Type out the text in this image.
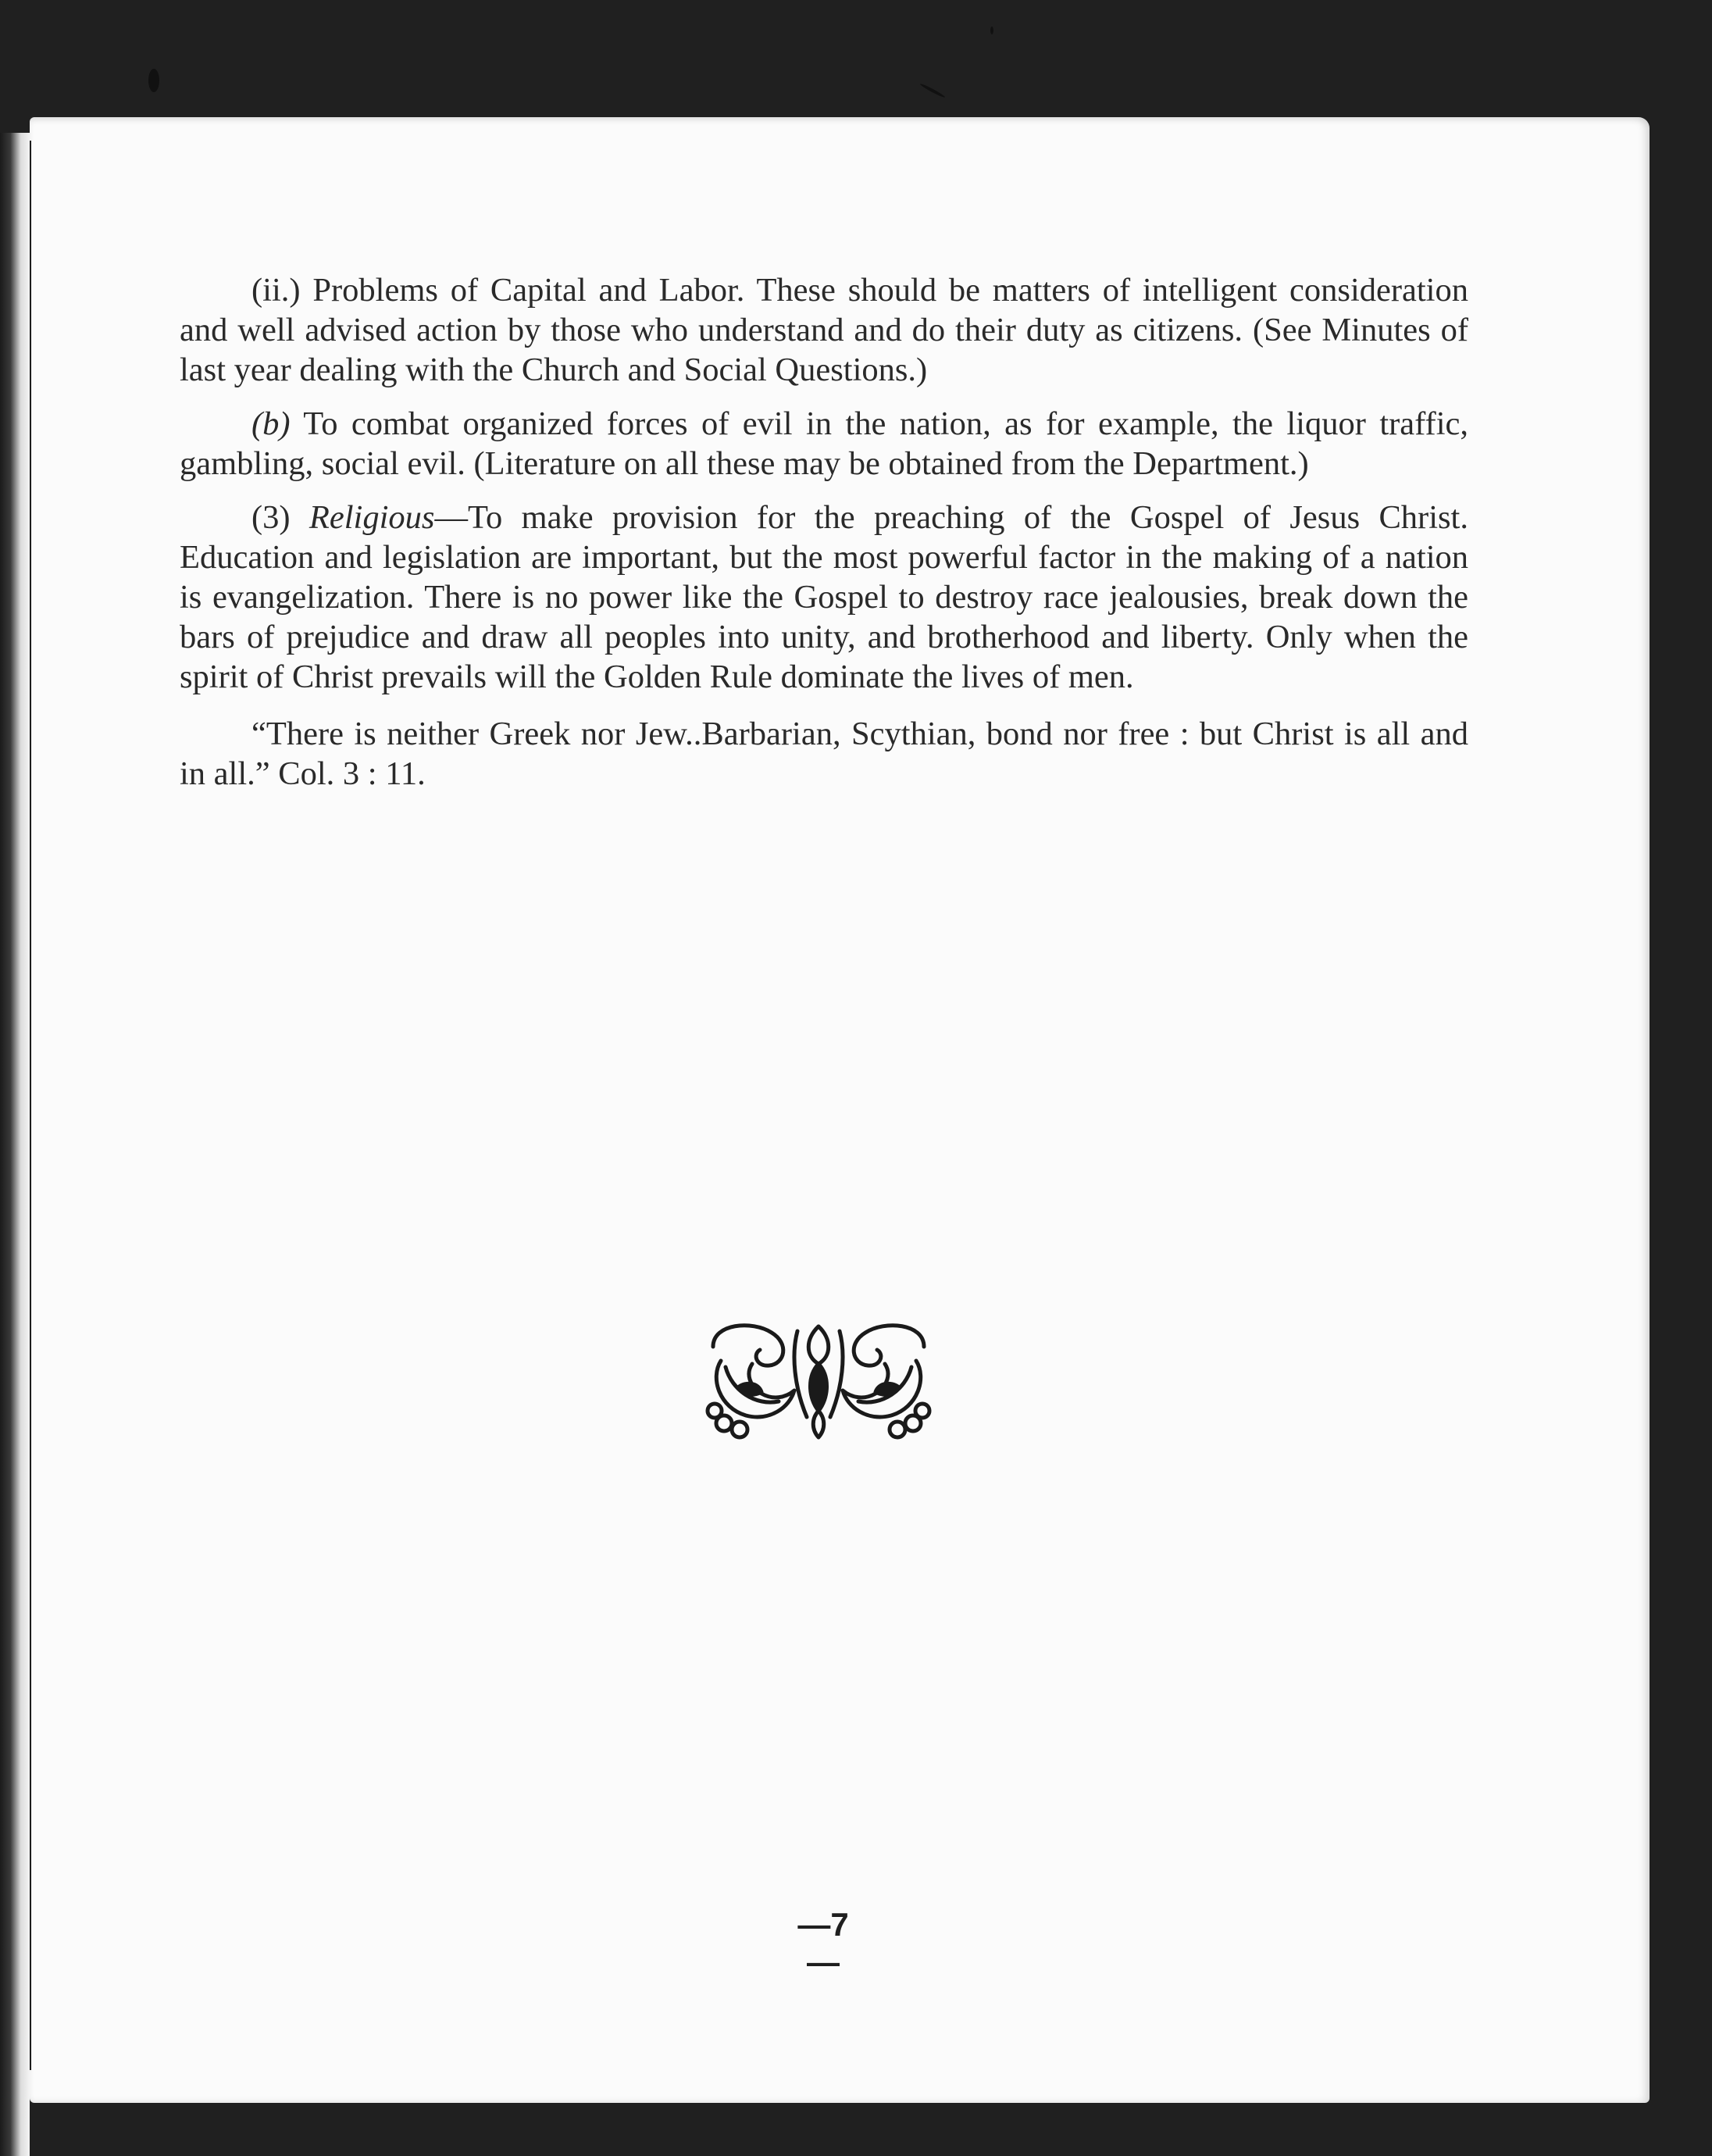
(ii.) Problems of Capital and Labor. These should be matters of intelligent consideration and well advised action by those who understand and do their duty as citizens. (See Minutes of last year dealing with the Church and Social Questions.)

(b) To combat organized forces of evil in the nation, as for example, the liquor traffic, gambling, social evil. (Literature on all these may be obtained from the Department.)

(3) Religious—To make provision for the preaching of the Gospel of Jesus Christ. Education and legislation are important, but the most powerful factor in the making of a nation is evangelization. There is no power like the Gospel to destroy race jealousies, break down the bars of prejudice and draw all peoples into unity, and brotherhood and liberty. Only when the spirit of Christ prevails will the Golden Rule dominate the lives of men.

“There is neither Greek nor Jew..Barbarian, Scythian, bond nor free : but Christ is all and in all.” Col. 3 : 11.

—7—
